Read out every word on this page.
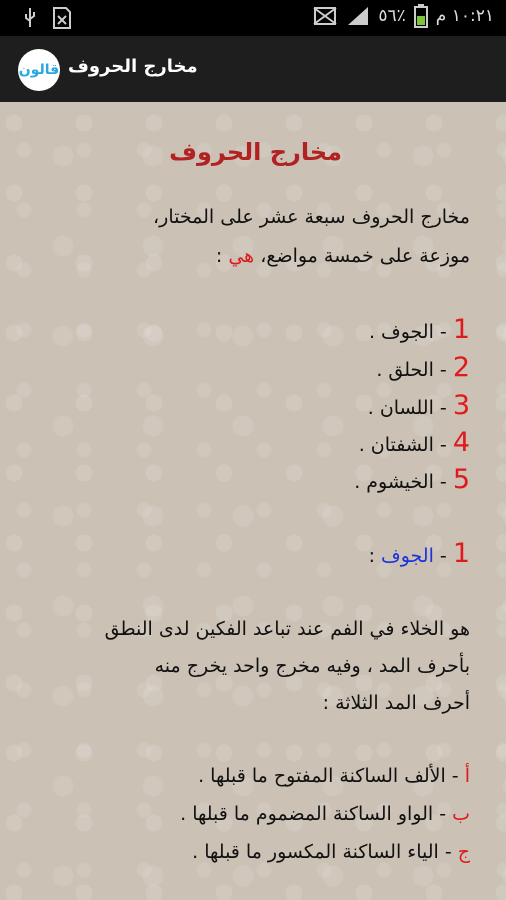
٥٦٪ ١٠:٢١ م
قالون مخارج الحروف
مخارج الحروف
مخارج الحروف سبعة عشر على المختار،
موزعة على خمسة مواضع، هي :
1 - الجوف .
2 - الحلق .
3 - اللسان .
4 - الشفتان .
5 - الخيشوم .
1 - الجوف :
هو الخلاء في الفم عند تباعد الفكين لدى النطق
بأحرف المد ، وفيه مخرج واحد يخرج منه
أحرف المد الثلاثة :
أ - الألف الساكنة المفتوح ما قبلها .
ب - الواو الساكنة المضموم ما قبلها .
ج - الياء الساكنة المكسور ما قبلها .
